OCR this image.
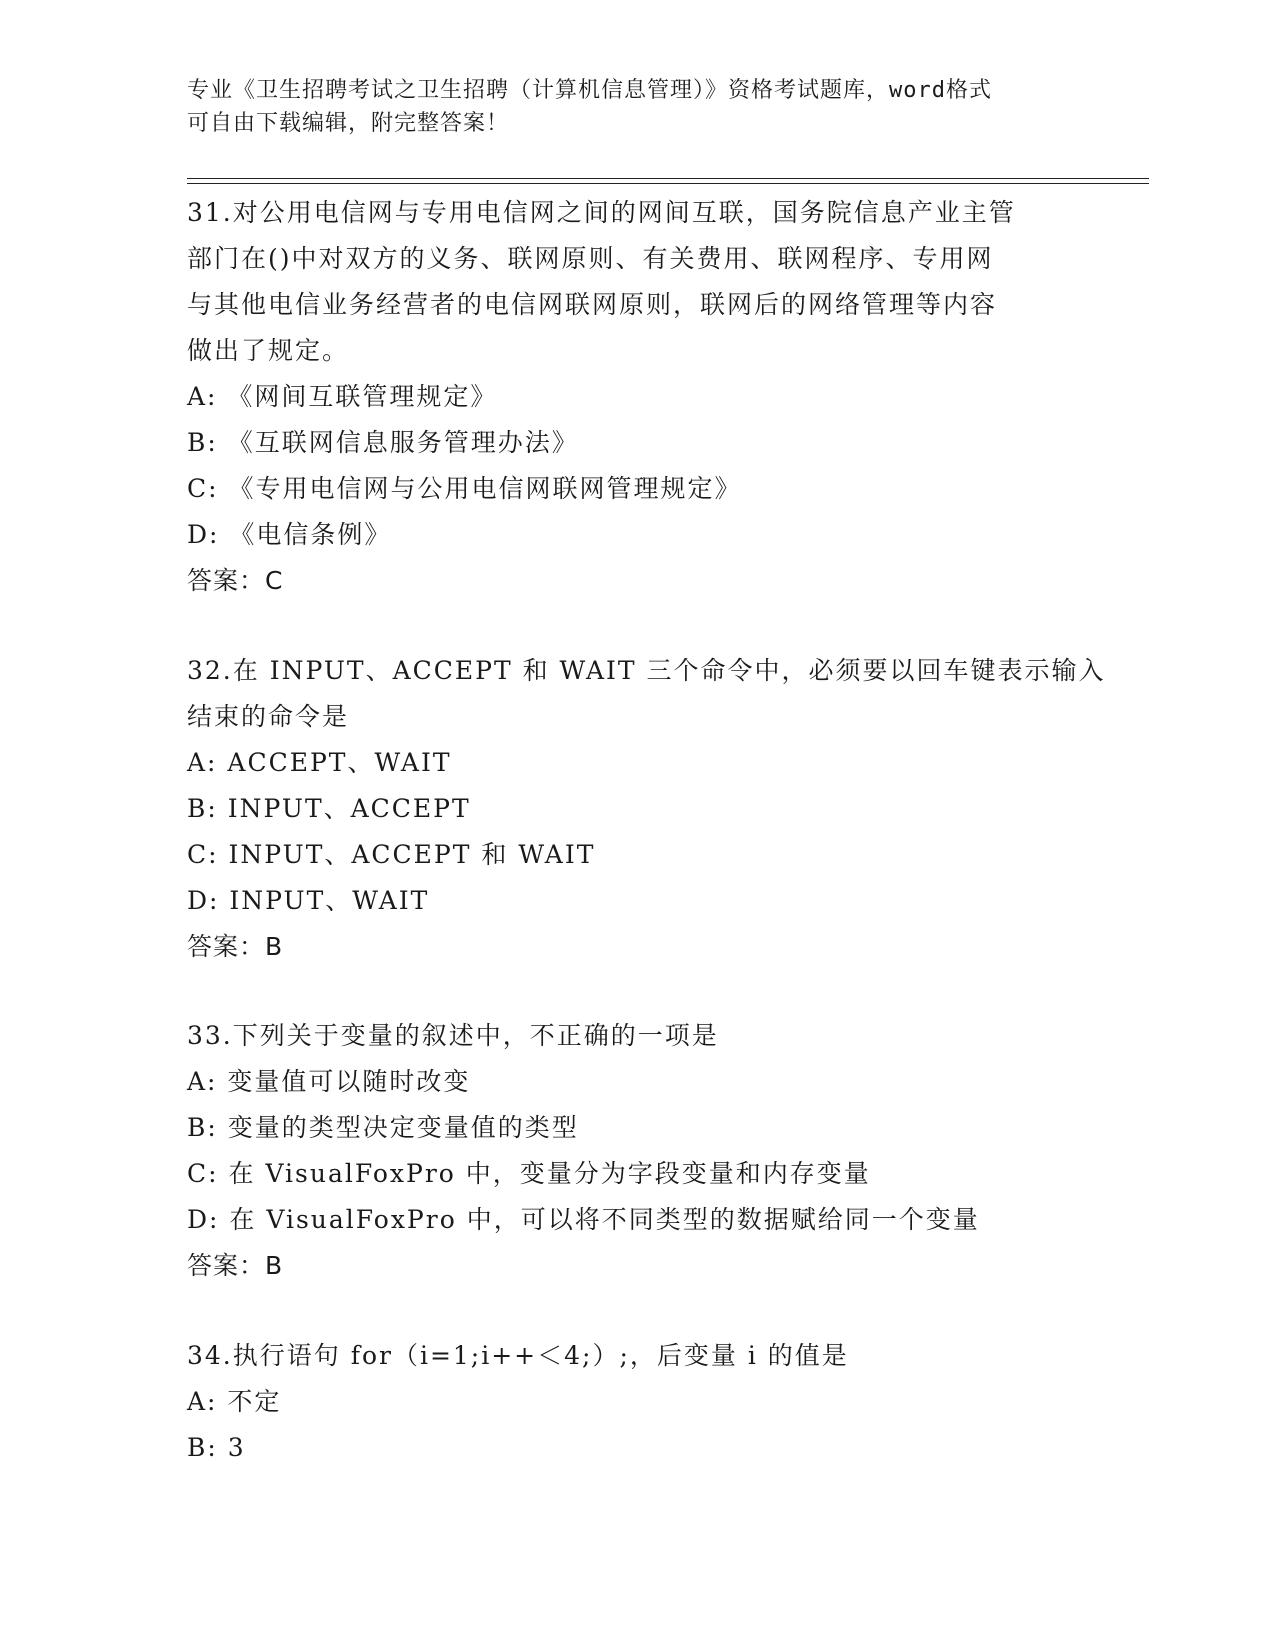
专业《卫生招聘考试之卫生招聘（计算机信息管理）》资格考试题库，word格式
可自由下载编辑，附完整答案！
31.对公用电信网与专用电信网之间的网间互联，国务院信息产业主管
部门在()中对双方的义务、联网原则、有关费用、联网程序、专用网
与其他电信业务经营者的电信网联网原则，联网后的网络管理等内容
做出了规定。
A: 《网间互联管理规定》
B: 《互联网信息服务管理办法》
C: 《专用电信网与公用电信网联网管理规定》
D: 《电信条例》
答案：C
32.在 INPUT、ACCEPT 和 WAIT 三个命令中，必须要以回车键表示输入
结束的命令是
A: ACCEPT、WAIT
B: INPUT、ACCEPT
C: INPUT、ACCEPT 和 WAIT
D: INPUT、WAIT
答案：B
33.下列关于变量的叙述中，不正确的一项是
A: 变量值可以随时改变
B: 变量的类型决定变量值的类型
C: 在 VisualFoxPro 中，变量分为字段变量和内存变量
D: 在 VisualFoxPro 中，可以将不同类型的数据赋给同一个变量
答案：B
34.执行语句 for（i=1;i++＜4;）;，后变量 i 的值是
A: 不定
B: 3
